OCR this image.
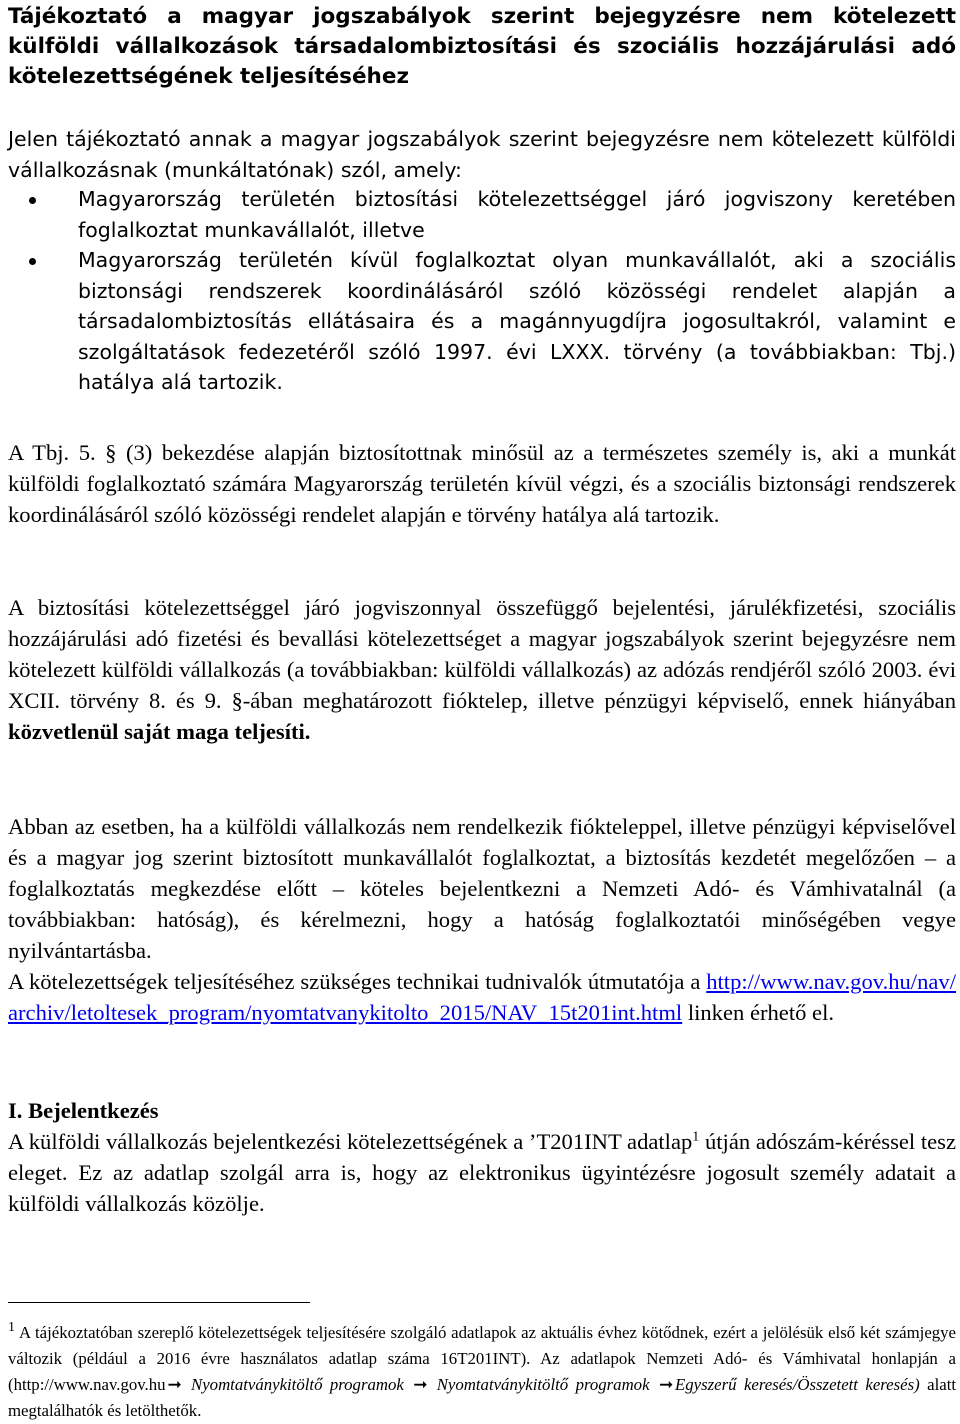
Tájékoztató a magyar jogszabályok szerint bejegyzésre nem kötelezett külföldi vállalkozások társadalombiztosítási és szociális hozzájárulási adó kötelezettségének teljesítéséhez

Jelen tájékoztató annak a magyar jogszabályok szerint bejegyzésre nem kötelezett külföldi vállalkozásnak (munkáltatónak) szól, amely:

Magyarország területén biztosítási kötelezettséggel járó jogviszony keretében foglalkoztat munkavállalót, illetve
Magyarország területén kívül foglalkoztat olyan munkavállalót, aki a szociális biztonsági rendszerek koordinálásáról szóló közösségi rendelet alapján a társadalombiztosítás ellátásaira és a magánnyugdíjra jogosultakról, valamint e szolgáltatások fedezetéről szóló 1997. évi LXXX. törvény (a továbbiakban: Tbj.) hatálya alá tartozik.

A Tbj. 5. § (3) bekezdése alapján biztosítottnak minősül az a természetes személy is, aki a munkát külföldi foglalkoztató számára Magyarország területén kívül végzi, és a szociális biztonsági rendszerek koordinálásáról szóló közösségi rendelet alapján e törvény hatálya alá tartozik.

A biztosítási kötelezettséggel járó jogviszonnyal összefüggő bejelentési, járulékfizetési, szociális hozzájárulási adó fizetési és bevallási kötelezettséget a magyar jogszabályok szerint bejegyzésre nem kötelezett külföldi vállalkozás (a továbbiakban: külföldi vállalkozás) az adózás rendjéről szóló 2003. évi XCII. törvény 8. és 9. §-ában meghatározott fióktelep, illetve pénzügyi képviselő, ennek hiányában közvetlenül saját maga teljesíti.

Abban az esetben, ha a külföldi vállalkozás nem rendelkezik fiókteleppel, illetve pénzügyi képviselővel és a magyar jog szerint biztosított munkavállalót foglalkoztat, a biztosítás kezdetét megelőzően – a foglalkoztatás megkezdése előtt – köteles bejelentkezni a Nemzeti Adó- és Vámhivatalnál (a továbbiakban: hatóság), és kérelmezni, hogy a hatóság foglalkoztatói minőségében vegye nyilvántartásba.

A kötelezettségek teljesítéséhez szükséges technikai tudnivalók útmutatója a http://www.nav.gov.hu/nav/archiv/letoltesek_program/nyomtatvanykitolto_2015/NAV_15t201int.html linken érhető el.

I. Bejelentkezés

A külföldi vállalkozás bejelentkezési kötelezettségének a ’T201INT adatlap$^1$ útján adószám-kéréssel tesz eleget. Ez az adatlap szolgál arra is, hogy az elektronikus ügyintézésre jogosult személy adatait a külföldi vállalkozás közölje.

$^1$ A tájékoztatóban szereplő kötelezettségek teljesítésére szolgáló adatlapok az aktuális évhez kötődnek, ezért a jelölésük első két számjegye változik (például a 2016 évre használatos adatlap száma 16T201INT). Az adatlapok Nemzeti Adó- és Vámhivatal honlapján a (http://www.nav.gov.hu ➞ Nyomtatványkitöltő programok ➞ Nyomtatványkitöltő programok ➞ Egyszerű keresés/Összetett keresés) alatt megtalálhatók és letölthetők.
